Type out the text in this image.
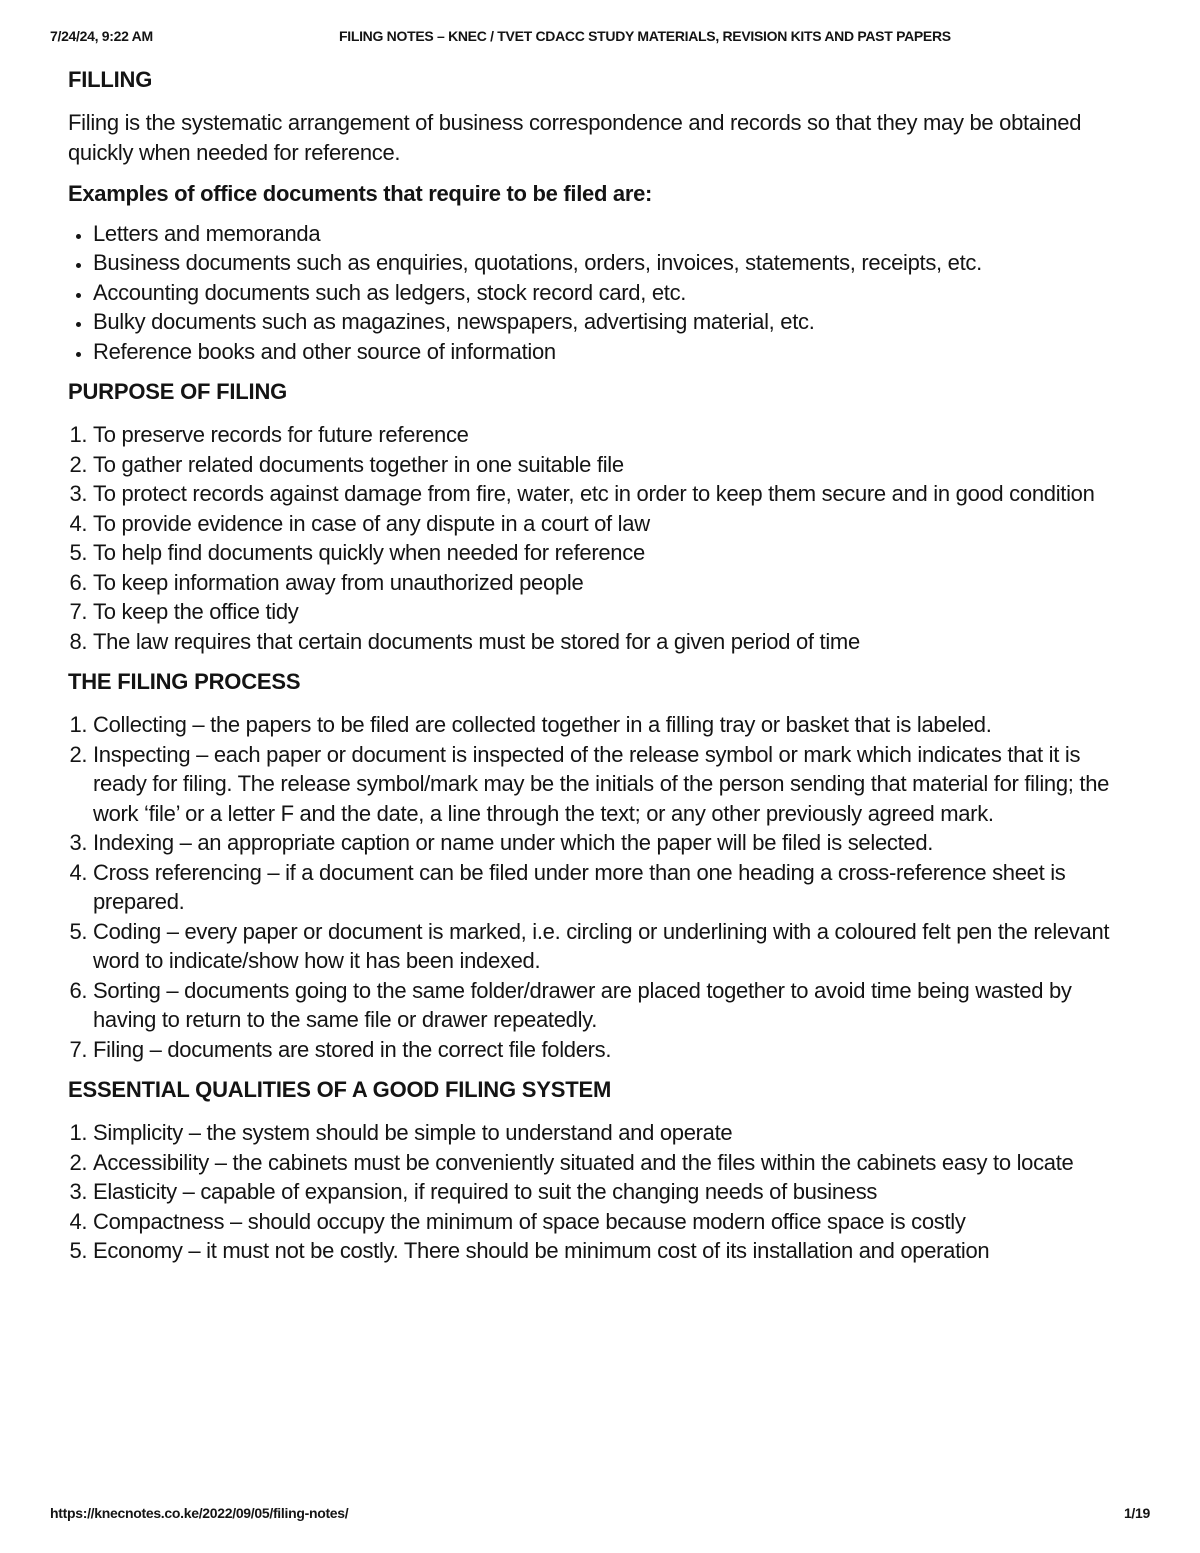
7/24/24, 9:22 AM	FILING NOTES – KNEC / TVET CDACC STUDY MATERIALS, REVISION KITS AND PAST PAPERS
FILLING

Filing is the systematic arrangement of business correspondence and records so that they may be obtained quickly when needed for reference.

Examples of office documents that require to be filed are:

• Letters and memoranda
• Business documents such as enquiries, quotations, orders, invoices, statements, receipts, etc.
• Accounting documents such as ledgers, stock record card, etc.
• Bulky documents such as magazines, newspapers, advertising material, etc.
• Reference books and other source of information
PURPOSE OF FILING
1. To preserve records for future reference
2. To gather related documents together in one suitable file
3. To protect records against damage from fire, water, etc in order to keep them secure and in good condition
4. To provide evidence in case of any dispute in a court of law
5. To help find documents quickly when needed for reference
6. To keep information away from unauthorized people
7. To keep the office tidy
8. The law requires that certain documents must be stored for a given period of time
THE FILING PROCESS
1. Collecting – the papers to be filed are collected together in a filling tray or basket that is labeled.
2. Inspecting – each paper or document is inspected of the release symbol or mark which indicates that it is ready for filing. The release symbol/mark may be the initials of the person sending that material for filing; the work ‘file’ or a letter F and the date, a line through the text; or any other previously agreed mark.
3. Indexing – an appropriate caption or name under which the paper will be filed is selected.
4. Cross referencing – if a document can be filed under more than one heading a cross-reference sheet is prepared.
5. Coding – every paper or document is marked, i.e. circling or underlining with a coloured felt pen the relevant word to indicate/show how it has been indexed.
6. Sorting – documents going to the same folder/drawer are placed together to avoid time being wasted by having to return to the same file or drawer repeatedly.
7. Filing – documents are stored in the correct file folders.
ESSENTIAL QUALITIES OF A GOOD FILING SYSTEM
1. Simplicity – the system should be simple to understand and operate
2. Accessibility – the cabinets must be conveniently situated and the files within the cabinets easy to locate
3. Elasticity – capable of expansion, if required to suit the changing needs of business
4. Compactness – should occupy the minimum of space because modern office space is costly
5. Economy – it must not be costly. There should be minimum cost of its installation and operation
https://knecnotes.co.ke/2022/09/05/filing-notes/	1/19
